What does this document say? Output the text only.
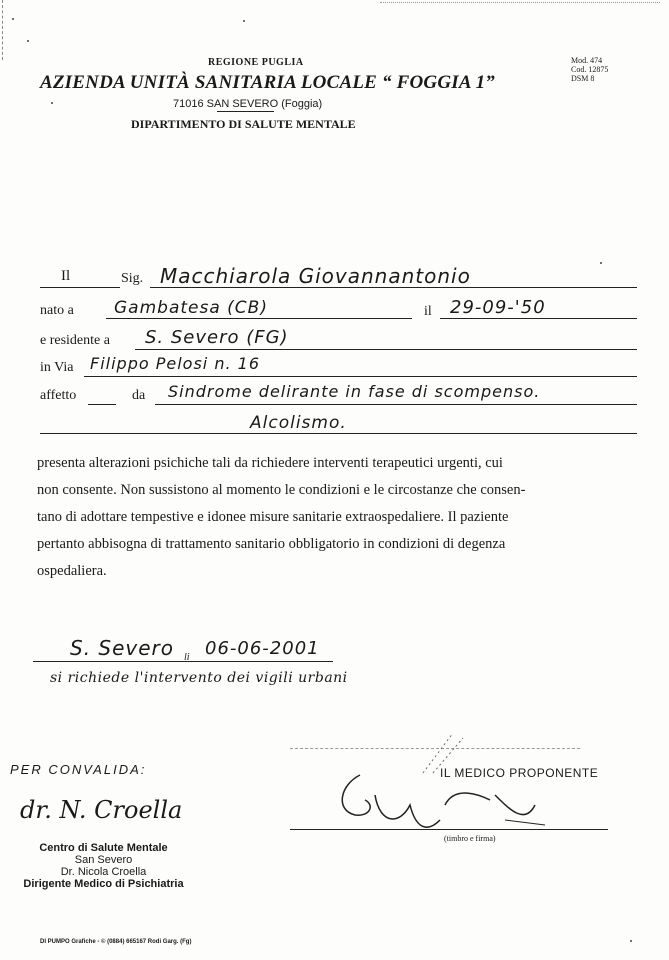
REGIONE PUGLIA
AZIENDA UNITÀ SANITARIA LOCALE “ FOGGIA 1”
71016 SAN SEVERO (Foggia)
DIPARTIMENTO DI SALUTE MENTALE
Mod. 474
Cod. 12875
DSM 8
Il	Sig. Macchiarola Giovannantonio
nato a Gambatesa (CB)	il 29-09-'50
e residente a S. Severo (FG)
in Via Filippo Pelosi n. 16
affetto	da Sindrome delirante in fase di scompenso.
Alcolismo.
presenta alterazioni psichiche tali da richiedere interventi terapeutici urgenti, cui
non consente. Non sussistono al momento le condizioni e le circostanze che consen-
tano di adottare tempestive e idonee misure sanitarie extraospedaliere. Il paziente
pertanto abbisogna di trattamento sanitario obbligatorio in condizioni di degenza
ospedaliera.
S. Severo li 06-06-2001
si richiede l'intervento dei vigili urbani
PER CONVALIDA:
dr. N. Croella
Centro di Salute Mentale
San Severo
Dr. Nicola Croella
Dirigente Medico di Psichiatria
IL MEDICO PROPONENTE
(timbro e firma)
DI PUMPO Grafiche - © (0884) 665167 Rodi Garg. (Fg)
